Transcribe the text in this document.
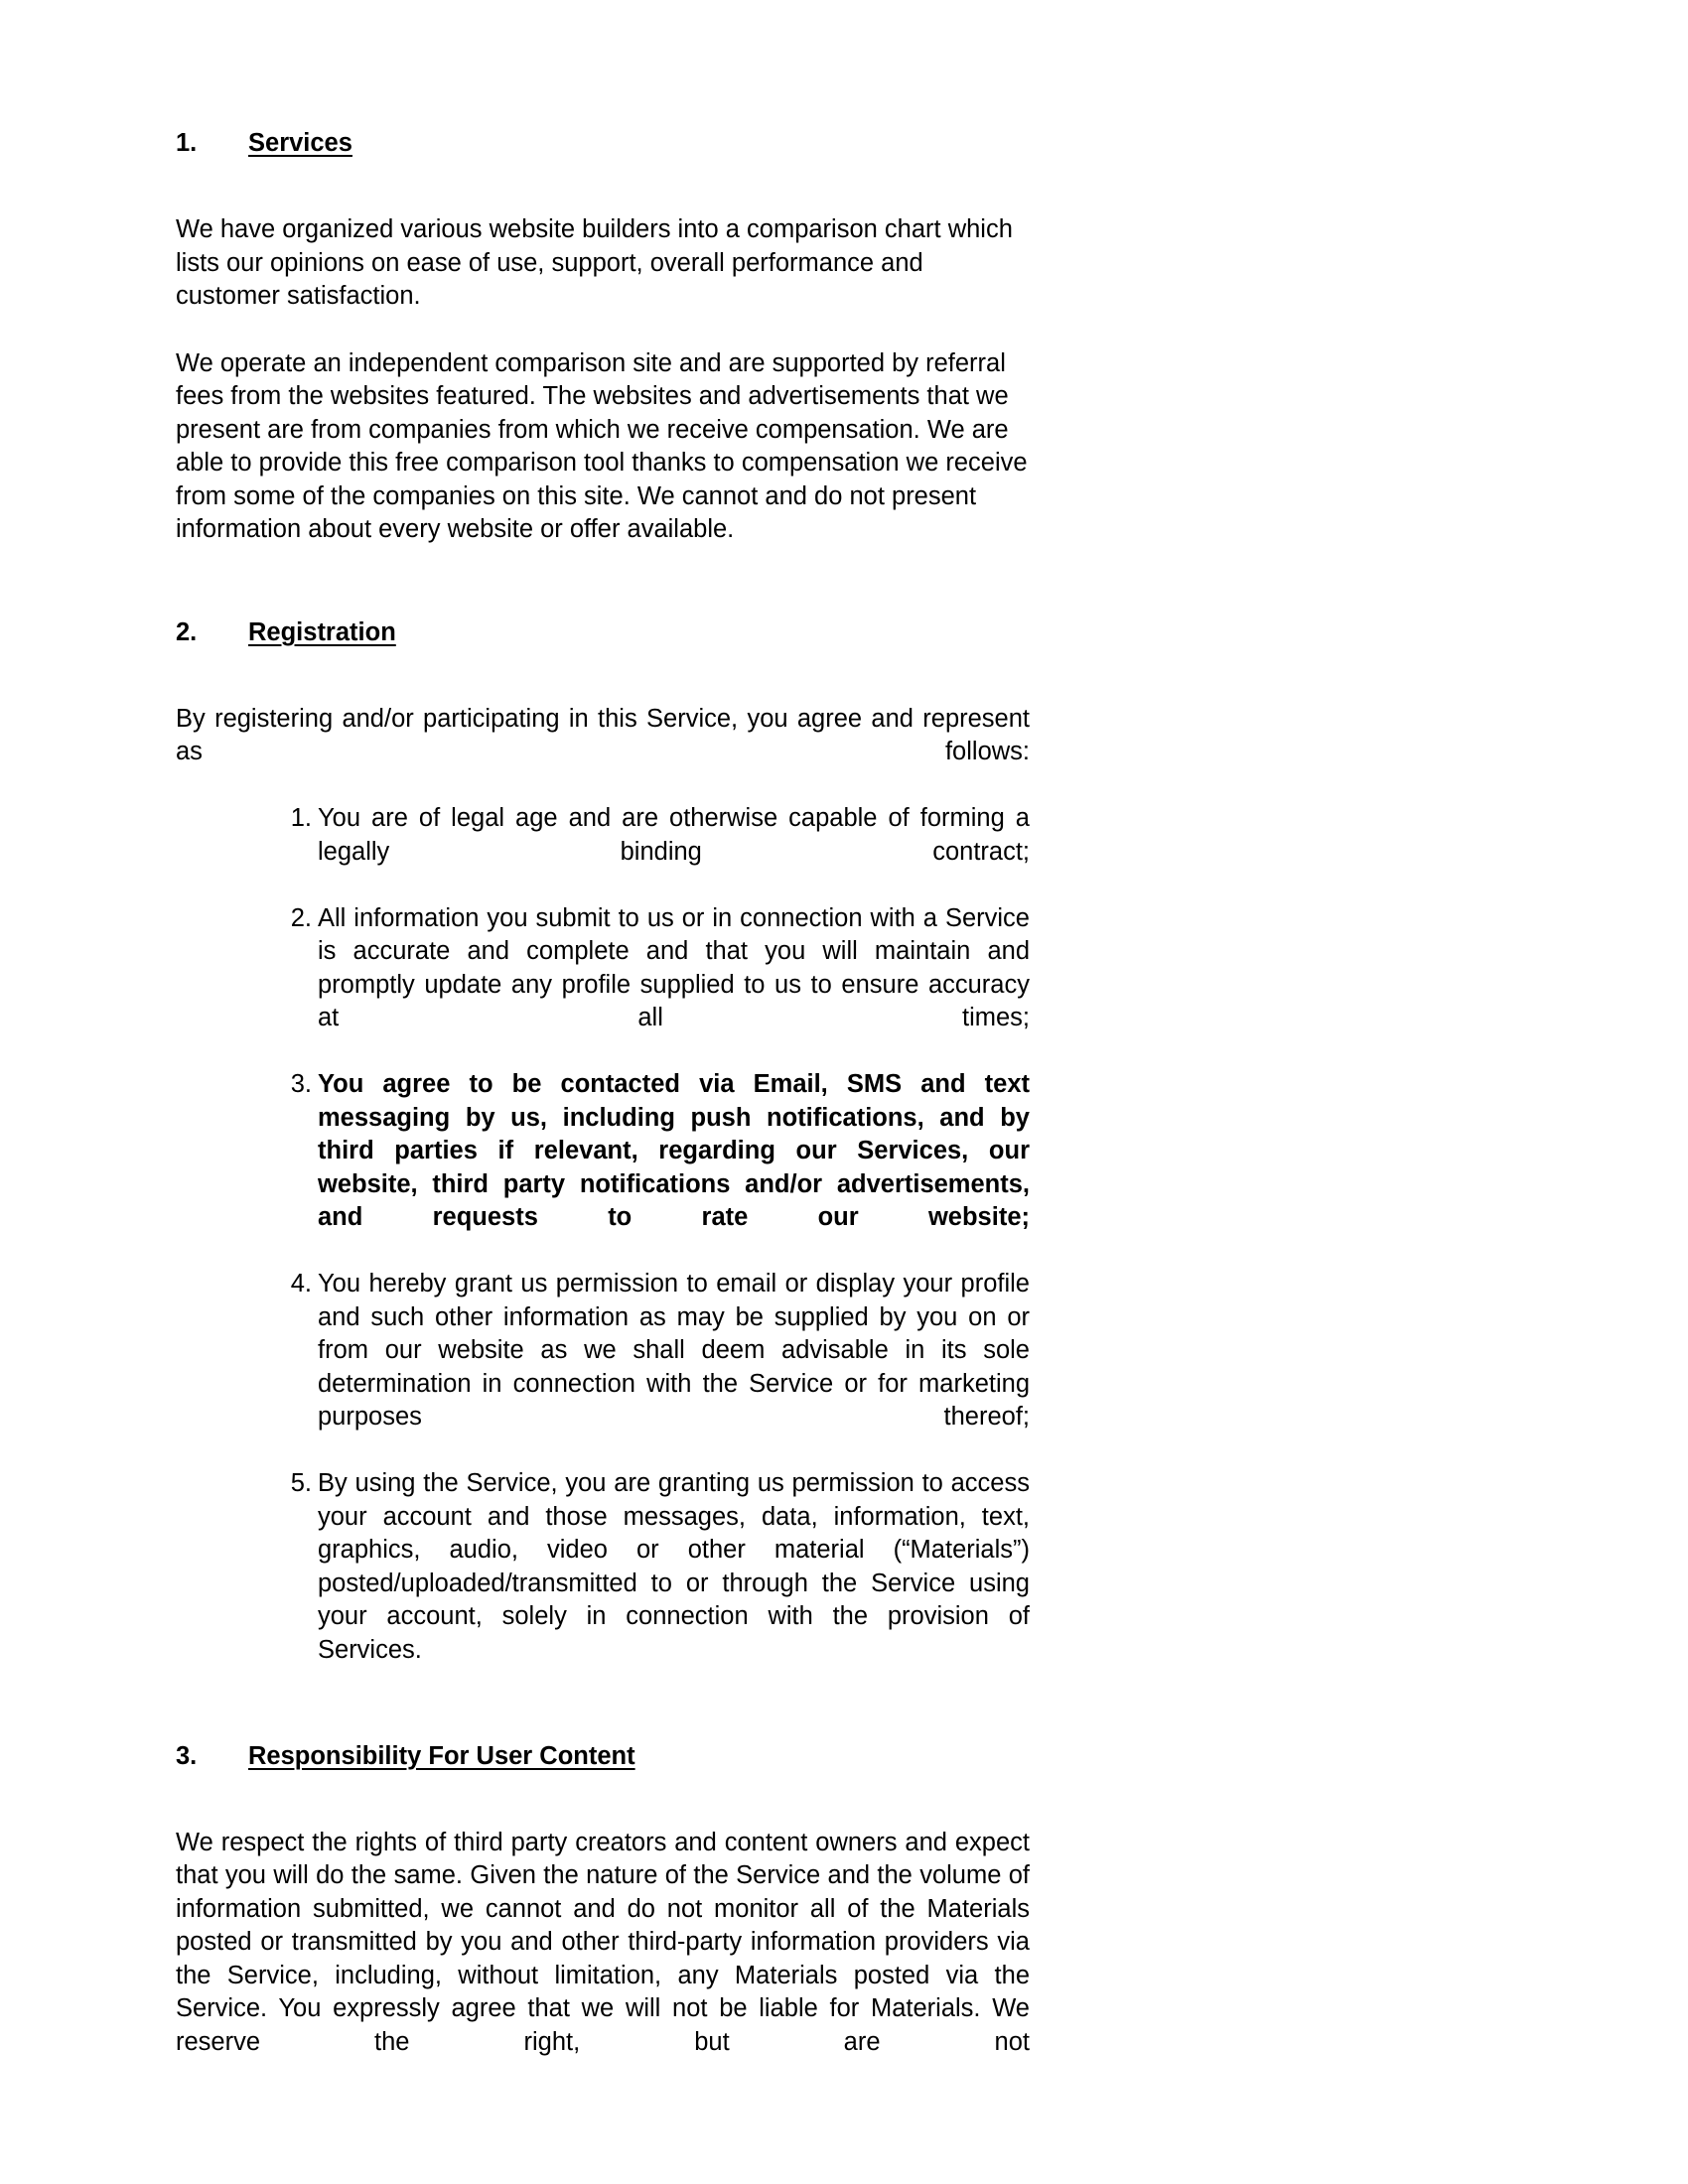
1. Services

We have organized various website builders into a comparison chart which lists our opinions on ease of use, support, overall performance and customer satisfaction.

We operate an independent comparison site and are supported by referral fees from the websites featured. The websites and advertisements that we present are from companies from which we receive compensation. We are able to provide this free comparison tool thanks to compensation we receive from some of the companies on this site. We cannot and do not present information about every website or offer available.

2. Registration

By registering and/or participating in this Service, you agree and represent as follows:

1. You are of legal age and are otherwise capable of forming a legally binding contract;
2. All information you submit to us or in connection with a Service is accurate and complete and that you will maintain and promptly update any profile supplied to us to ensure accuracy at all times;
3. You agree to be contacted via Email, SMS and text messaging by us, including push notifications, and by third parties if relevant, regarding our Services, our website, third party notifications and/or advertisements, and requests to rate our website;
4. You hereby grant us permission to email or display your profile and such other information as may be supplied by you on or from our website as we shall deem advisable in its sole determination in connection with the Service or for marketing purposes thereof;
5. By using the Service, you are granting us permission to access your account and those messages, data, information, text, graphics, audio, video or other material (“Materials”) posted/uploaded/transmitted to or through the Service using your account, solely in connection with the provision of Services.
3. Responsibility For User Content

We respect the rights of third party creators and content owners and expect that you will do the same. Given the nature of the Service and the volume of information submitted, we cannot and do not monitor all of the Materials posted or transmitted by you and other third-party information providers via the Service, including, without limitation, any Materials posted via the Service. You expressly agree that we will not be liable for Materials. We reserve the right, but are not
